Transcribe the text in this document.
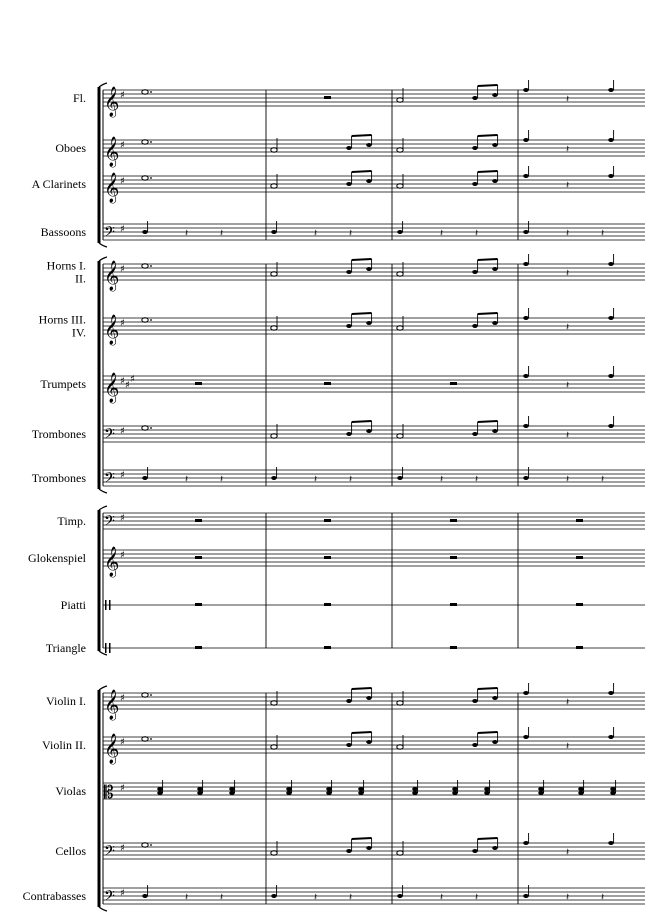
Fl. 𝄞 ♯	𝄽
Oboes 𝄞 ♯	𝄽
A Clarinets 𝄞 ♯	𝄽
Bassoons 𝄢 ♯	𝄽	𝄽	𝄽	𝄽	𝄽	𝄽	𝄽	𝄽
Horns I.
II. 𝄞 ♯	𝄽
Horns III.
IV. 𝄞 ♯	𝄽
Trumpets 𝄞 ♯ ♯
♯
𝄽
Trombones 𝄢 ♯	𝄽
Trombones 𝄢 ♯	𝄽	𝄽	𝄽	𝄽	𝄽	𝄽	𝄽	𝄽
Timp. 𝄢 ♯
Glokenspiel 𝄞 ♯
Piatti
Triangle
Violin I. 𝄞 ♯	𝄽
Violin II. 𝄞 ♯	𝄽
Violas 𝄡 ♯
Cellos 𝄢 ♯	𝄽
Contrabasses 𝄢 ♯	𝄽	𝄽	𝄽	𝄽	𝄽	𝄽	𝄽	𝄽
